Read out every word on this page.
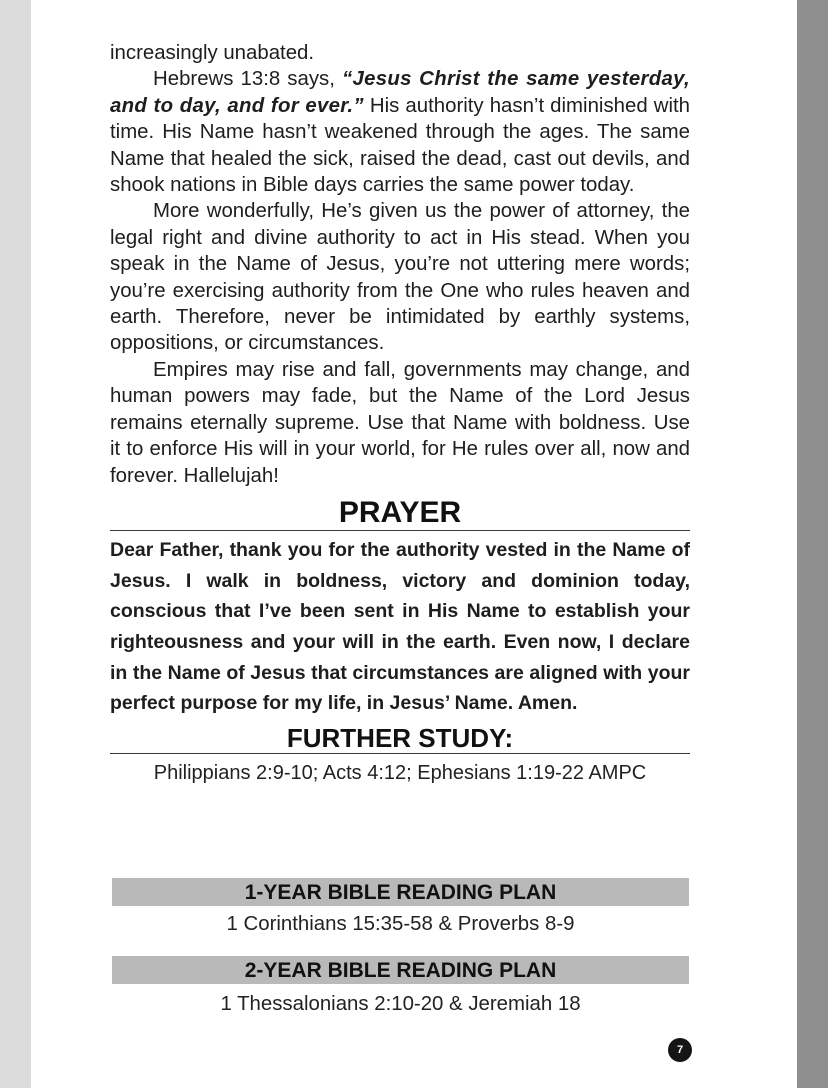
increasingly unabated.

Hebrews 13:8 says, “Jesus Christ the same yesterday, and to day, and for ever.” His authority hasn’t diminished with time. His Name hasn’t weakened through the ages. The same Name that healed the sick, raised the dead, cast out devils, and shook nations in Bible days carries the same power today.

More wonderfully, He’s given us the power of attorney, the legal right and divine authority to act in His stead. When you speak in the Name of Jesus, you’re not uttering mere words; you’re exercising authority from the One who rules heaven and earth. Therefore, never be intimidated by earthly systems, oppositions, or circumstances.

Empires may rise and fall, governments may change, and human powers may fade, but the Name of the Lord Jesus remains eternally supreme. Use that Name with boldness. Use it to enforce His will in your world, for He rules over all, now and forever. Hallelujah!

PRAYER

Dear Father, thank you for the authority vested in the Name of Jesus. I walk in boldness, victory and dominion today, conscious that I’ve been sent in His Name to establish your righteousness and your will in the earth. Even now, I declare in the Name of Jesus that circumstances are aligned with your perfect purpose for my life, in Jesus’ Name. Amen.

FURTHER STUDY:
Philippians 2:9-10; Acts 4:12; Ephesians 1:19-22 AMPC
1-YEAR BIBLE READING PLAN
1 Corinthians 15:35-58 & Proverbs 8-9
2-YEAR BIBLE READING PLAN
1 Thessalonians 2:10-20 & Jeremiah 18
7
